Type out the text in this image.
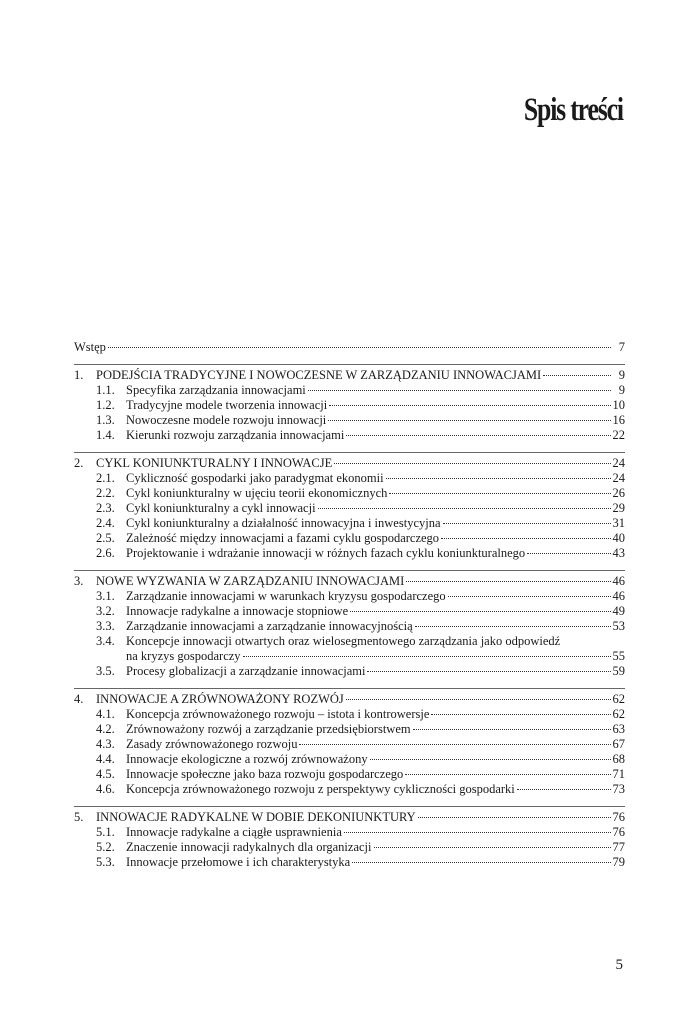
Spis treści
Wstęp	7
1.	PODEJŚCIA TRADYCYJNE I NOWOCZESNE W ZARZĄDZANIU INNOWACJAMI	9
1.1. Specyfika zarządzania innowacjami	9
1.2. Tradycyjne modele tworzenia innowacji	10
1.3. Nowoczesne modele rozwoju innowacji	16
1.4. Kierunki rozwoju zarządzania innowacjami	22
2.	CYKL KONIUNKTURALNY I INNOWACJE	24
2.1. Cykliczność gospodarki jako paradygmat ekonomii	24
2.2. Cykl koniunkturalny w ujęciu teorii ekonomicznych	26
2.3. Cykl koniunkturalny a cykl innowacji	29
2.4. Cykl koniunkturalny a działalność innowacyjna i inwestycyjna	31
2.5. Zależność między innowacjami a fazami cyklu gospodarczego	40
2.6. Projektowanie i wdrażanie innowacji w różnych fazach cyklu koniunkturalnego	43
3.	NOWE WYZWANIA W ZARZĄDZANIU INNOWACJAMI	46
3.1. Zarządzanie innowacjami w warunkach kryzysu gospodarczego	46
3.2. Innowacje radykalne a innowacje stopniowe	49
3.3. Zarządzanie innowacjami a zarządzanie innowacyjnością	53
3.4. Koncepcje innowacji otwartych oraz wielosegmentowego zarządzania jako odpowiedź
na kryzys gospodarczy	55
3.5. Procesy globalizacji a zarządzanie innowacjami	59
4.	INNOWACJE A ZRÓWNOWAŻONY ROZWÓJ	62
4.1. Koncepcja zrównoważonego rozwoju – istota i kontrowersje	62
4.2. Zrównoważony rozwój a zarządzanie przedsiębiorstwem	63
4.3. Zasady zrównoważonego rozwoju	67
4.4. Innowacje ekologiczne a rozwój zrównoważony	68
4.5. Innowacje społeczne jako baza rozwoju gospodarczego	71
4.6. Koncepcja zrównoważonego rozwoju z perspektywy cykliczności gospodarki	73
5.	INNOWACJE RADYKALNE W DOBIE DEKONIUNKTURY	76
5.1. Innowacje radykalne a ciągłe usprawnienia	76
5.2. Znaczenie innowacji radykalnych dla organizacji	77
5.3. Innowacje przełomowe i ich charakterystyka	79
5
